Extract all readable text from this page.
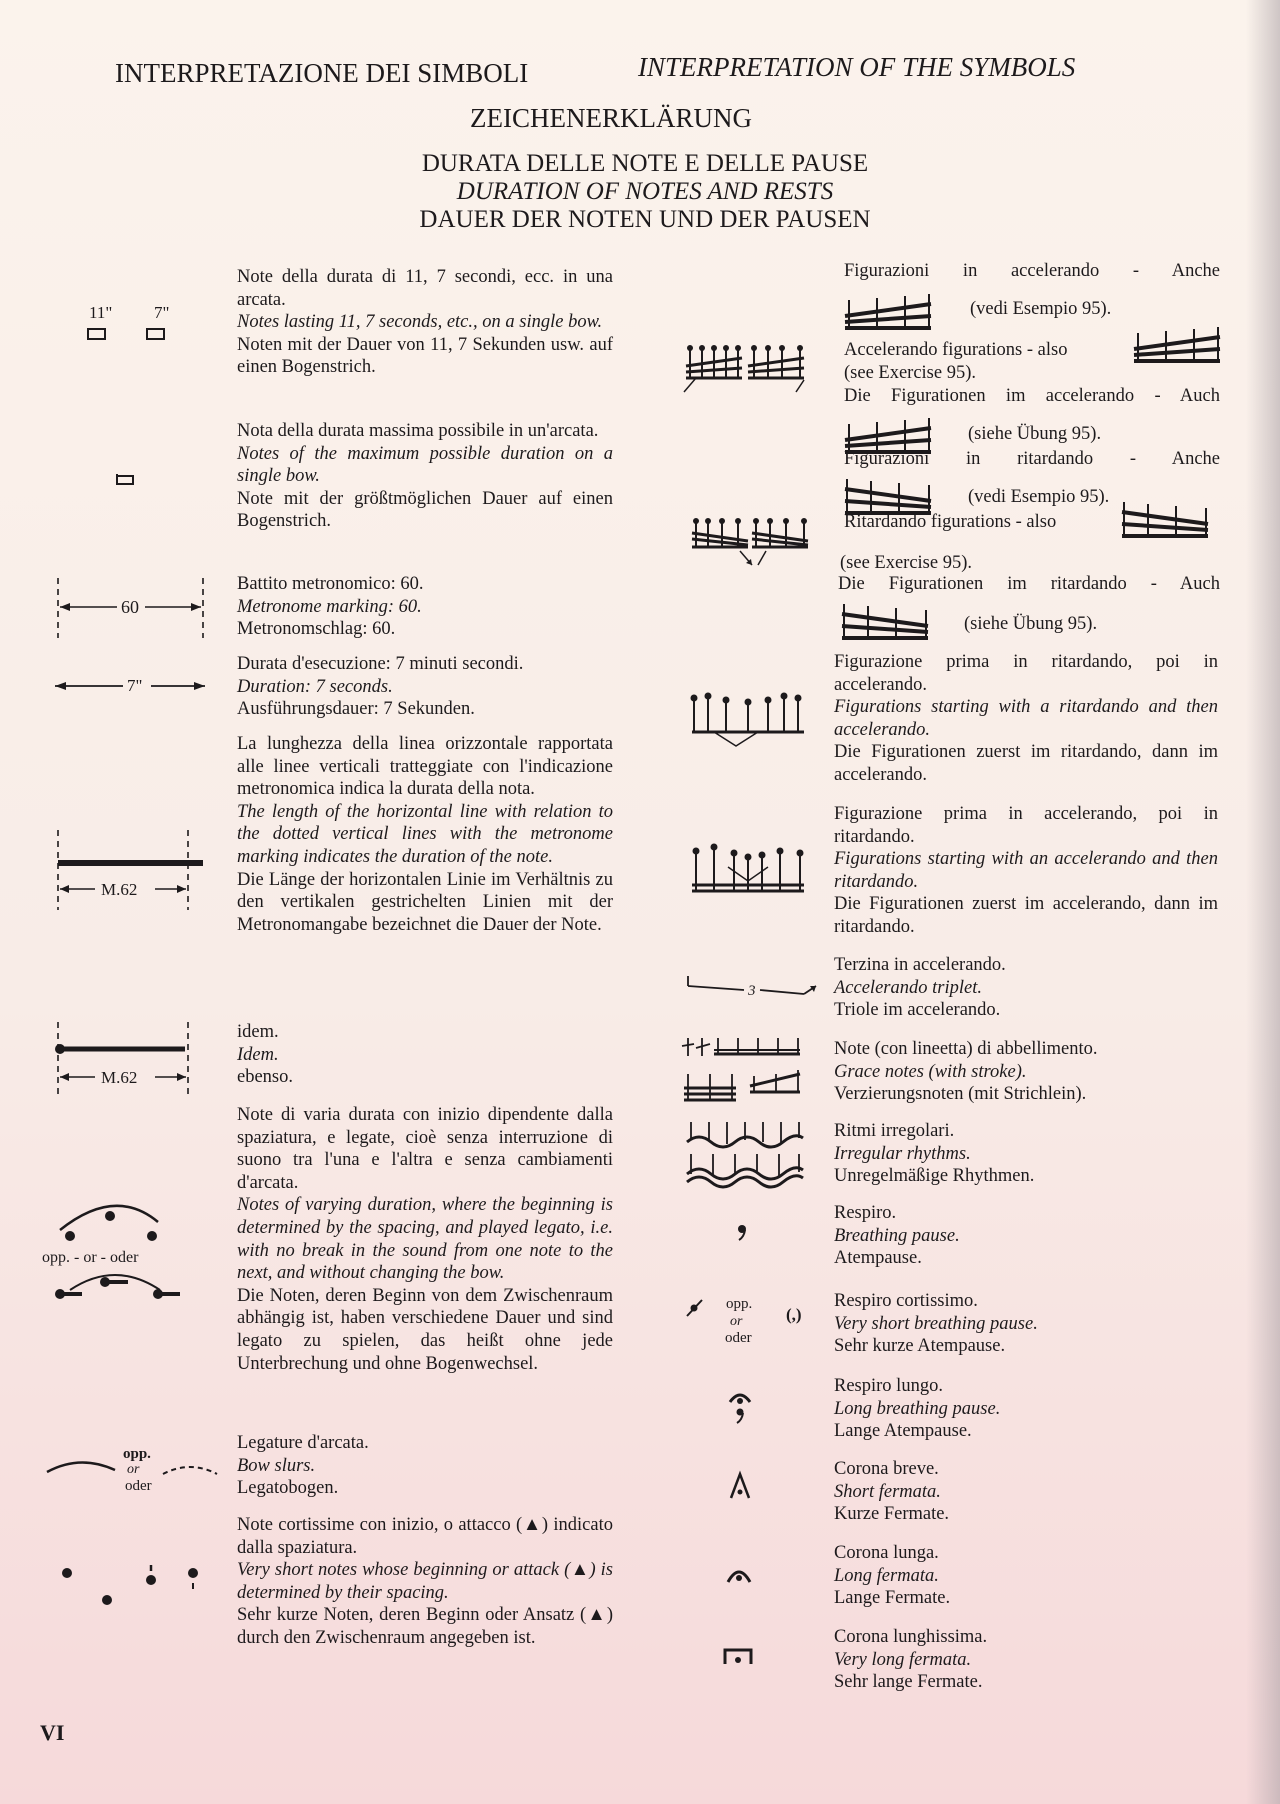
INTERPRETAZIONE DEI SIMBOLI	INTERPRETATION OF THE SYMBOLS
ZEICHENERKLÄRUNG
DURATA DELLE NOTE E DELLE PAUSE
DURATION OF NOTES AND RESTS
DAUER DER NOTEN UND DER PAUSEN

Note della durata di 11, 7 secondi, ecc. in una arcata.

Notes lasting 11, 7 seconds, etc., on a single bow.

Noten mit der Dauer von 11, 7 Sekunden usw. auf einen Bogenstrich.

Nota della durata massima possibile in un'arcata.

Notes of the maximum possible duration on a single bow.

Note mit der größtmöglichen Dauer auf einen Bogenstrich.

Battito metronomico: 60.

Metronome marking: 60.

Metronomschlag: 60.

Durata d'esecuzione: 7 minuti secondi.

Duration: 7 seconds.

Ausführungsdauer: 7 Sekunden.

La lunghezza della linea orizzontale rapportata alle linee verticali tratteggiate con l'indicazione metronomica indica la durata della nota.

The length of the horizontal line with relation to the dotted vertical lines with the metronome marking indicates the duration of the note.

Die Länge der horizontalen Linie im Verhältnis zu den vertikalen gestrichelten Linien mit der Metronomangabe bezeichnet die Dauer der Note.

idem.

Idem.

ebenso.

Note di varia durata con inizio dipendente dalla spaziatura, e legate, cioè senza interruzione di suono tra l'una e l'altra e senza cambiamenti d'arcata.

Notes of varying duration, where the beginning is determined by the spacing, and played legato, i.e. with no break in the sound from one note to the next, and without changing the bow.

Die Noten, deren Beginn von dem Zwischenraum abhängig ist, haben verschiedene Dauer und sind legato zu spielen, das heißt ohne jede Unterbrechung und ohne Bogenwechsel.

Legature d'arcata.

Bow slurs.

Legatobogen.

Note cortissime con inizio, o attacco (▲) indicato dalla spaziatura.

Very short notes whose beginning or attack (▲) is determined by their spacing.

Sehr kurze Noten, deren Beginn oder Ansatz (▲) durch den Zwischenraum angegeben ist.

11" 7"
60
7"
M.62
M.62
opp. - or - oder
opp.
or
oder
Figurazioni in accelerando - Anche
(vedi Esempio 95).
Accelerando figurations - also
(see Exercise 95).
Die Figurationen im accelerando - Auch
(siehe Übung 95).
Figurazioni in ritardando - Anche
(vedi Esempio 95).
Ritardando figurations - also
(see Exercise 95).
Die Figurationen im ritardando - Auch
(siehe Übung 95).

Figurazione prima in ritardando, poi in accelerando.

Figurations starting with a ritardando and then accelerando.

Die Figurationen zuerst im ritardando, dann im accelerando.

Figurazione prima in accelerando, poi in ritardando.

Figurations starting with an accelerando and then ritardando.

Die Figurationen zuerst im accelerando, dann im ritardando.

Terzina in accelerando.

Accelerando triplet.

Triole im accelerando.

3

Note (con lineetta) di abbellimento.

Grace notes (with stroke).

Verzierungsnoten (mit Strichlein).

Ritmi irregolari.

Irregular rhythms.

Unregelmäßige Rhythmen.

Respiro.

Breathing pause.

Atempause.

Respiro cortissimo.

Very short breathing pause.

Sehr kurze Atempause.

opp.
or
oder
(,)

Respiro lungo.

Long breathing pause.

Lange Atempause.

Corona breve.

Short fermata.

Kurze Fermate.

Corona lunga.

Long fermata.

Lange Fermate.

Corona lunghissima.

Very long fermata.

Sehr lange Fermate.

VI
